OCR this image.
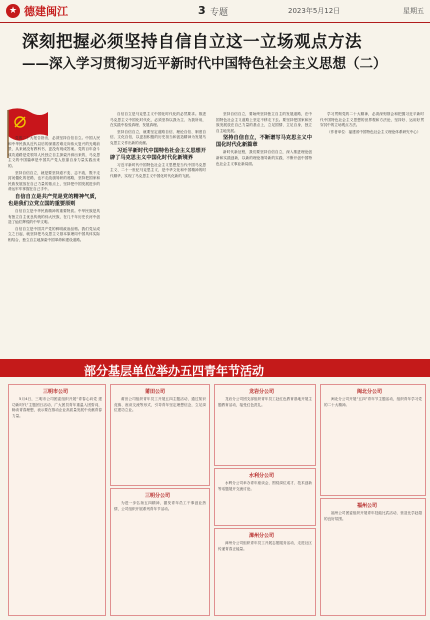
★ 德建闽江	3 专题	2023年5月12日	星期五
深刻把握必须坚持自信自立这一立场观点方法
——深入学习贯彻习近平新时代中国特色社会主义思想（二）

党的二十大报告指出，必须坚持自信自立。中国人民和中华民族从近代以后的深重苦难走向伟大复兴的光明前景，从来就没有教科书，更没有现成答案。党的百年奋斗成功道路是党领导人民独立自主探索开辟出来的，马克思主义的中国篇章是中国共产党人依靠自身力量实践出来的。

坚持自信自立，就是要坚持道不变、志不改，既不走封闭僵化的老路，也不走改旗易帜的邪路，坚持把国家和民族发展放在自己力量的基点上，坚持把中国发展进步的命运牢牢掌握在自己手中。

自信自立是共产党是党的精神气质，也是我们立党立国的重要原则

自信自立是中华民族精神的重要特质。中华民族是具有独立自主优良传统的伟大民族，在几千年历史长河中创造了灿烂辉煌的中华文明。

自信自立是中国共产党的鲜明政治品格。我们党从成立之日起，就坚持把马克思主义基本原理同中国具体实际相结合，独立自主地探索中国革命和建设道路。

自信自立是马克思主义中国化时代化的必然要求。推进马克思主义中国化时代化，必须坚持以我为主、为我所用，在实践中检验真理、发展真理。

坚持自信自立，就要坚定道路自信、理论自信、制度自信、文化自信，以更加积极的历史担当和创造精神为发展马克思主义作出新的贡献。

习近平新时代中国特色社会主义思想开辟了马克思主义中国化时代化新境界

习近平新时代中国特色社会主义思想是当代中国马克思主义、二十一世纪马克思主义，是中华文化和中国精神的时代精华，实现了马克思主义中国化时代化新的飞跃。

坚持自信自立，要始终坚持独立自主的发展道路，在中国特色社会主义道路上坚定不移走下去。要坚持把国家和民族发展放在自己力量的基点上，立足国情、立足自身，独立自主地发展。

坚持自信自立，不断谱写马克思主义中国化时代化新篇章

新时代新征程，我们要坚持自信自立，深入推进理论创新和实践创新，以新的理论指导新的实践，不断开创中国特色社会主义事业新局面。

学习贯彻党的二十大精神，必须深刻领会和把握习近平新时代中国特色社会主义思想的世界观和方法论，坚持好、运用好贯穿其中的立场观点方法。

（作者单位：福建省中国特色社会主义理论体系研究中心）

部分基层单位举办五四青年节活动
三明市公司

5月4日，三明市公司团委组织开展“青春心向党 建功新时代”主题团日活动，广大团员青年重温入团誓词，畅谈青春理想，表示要在推动企业高质量发展中贡献青春力量。

莆田公司

莆田公司组织青年员工开展五四主题活动，通过知识竞赛、座谈交流等形式，引导青年坚定理想信念，立足岗位建功立业。

三明分公司

为进一步弘扬五四精神，激发青年员工干事创业热情，公司组织开展系列青年节活动。

龙岩分公司

龙岩分公司团支部组织青年员工赴红色教育基地开展主题教育活动，接受红色洗礼。

水利分公司

水利分公司举办青年座谈会，围绕岗位成才、技术创新等话题展开交流讨论。

漳州分公司

漳州分公司组织青年员工开展志愿服务活动，走进社区传递青春正能量。

闽北分公司

闽北分公司开展“五四”青年节主题活动，组织青年学习党的二十大精神。

福州公司

福州公司团委组织开展青年技能比武活动，营造比学赶超的良好氛围。
